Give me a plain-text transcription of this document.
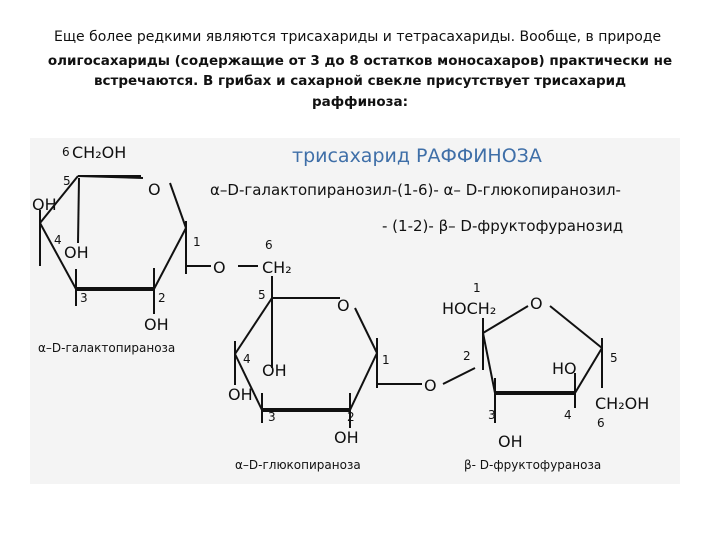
Еще более редкими являются трисахариды и тетрасахариды. Вообще, в природе
олигосахариды (содержащие от 3 до 8 остатков моносахаров) практически не
встречаются. В грибах и сахарной свекле присутствует трисахарид
раффиноза:
трисахарид РАФФИНОЗА
α–D-галактопиранозил-(1-6)- α– D-глюкопиранозил-
- (1-2)- β– D-фруктофуранозид
6 CH₂OH
5	O
OH
4
OH
3	2
1
OH
O
α–D-галактопираноза
6
CH₂
5
O
4
OH
OH
3	2
1
OH
O
α–D-глюкопираноза
1
HOCH₂ O
2
HO
5
CH₂OH
6
3	4
OH
β- D-фруктофураноза
